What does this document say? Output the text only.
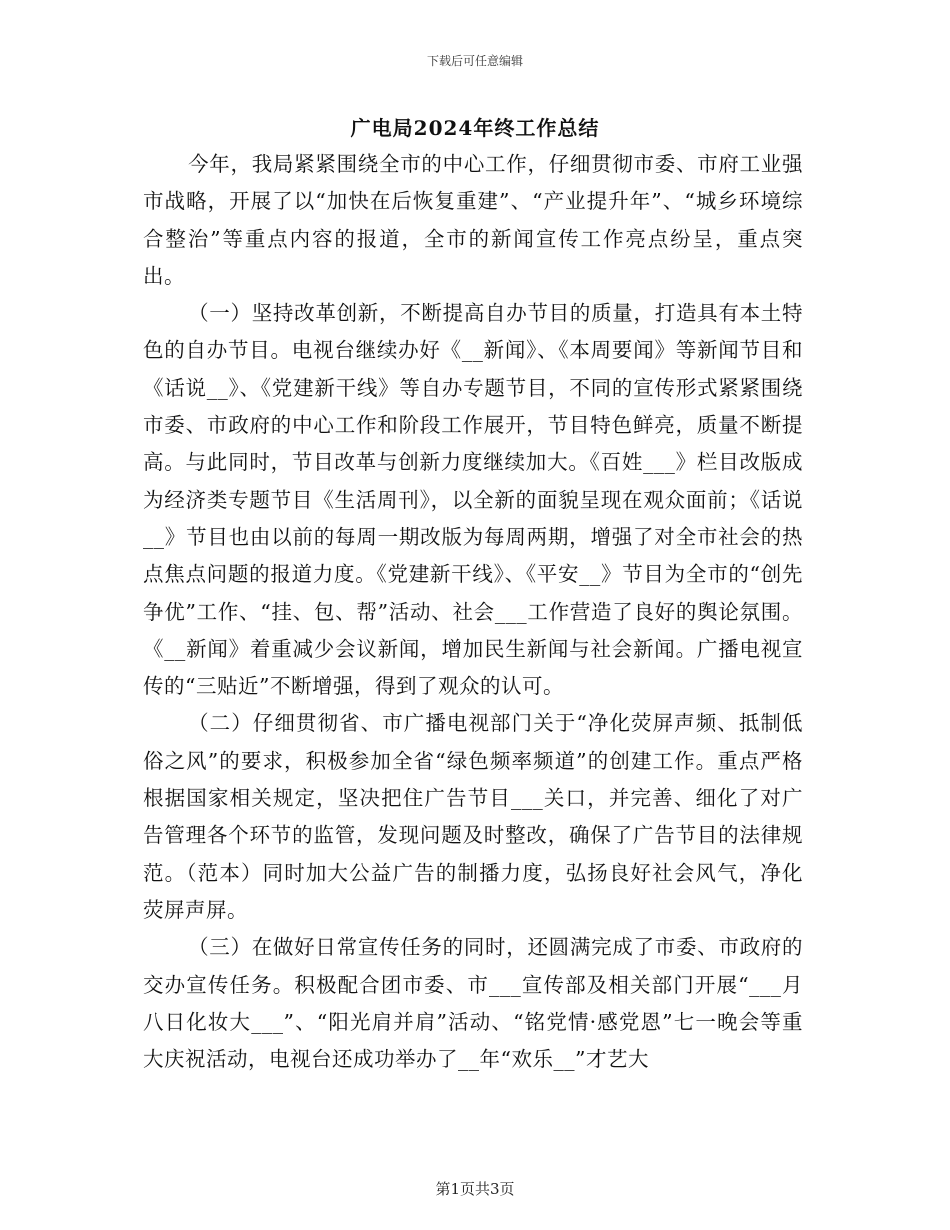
下载后可任意编辑
广电局2024年终工作总结

今年，我局紧紧围绕全市的中心工作，仔细贯彻市委、市府工业强市战略，开展了以“加快在后恢复重建”、“产业提升年”、“城乡环境综合整治”等重点内容的报道，全市的新闻宣传工作亮点纷呈，重点突出。

（一）坚持改革创新，不断提高自办节目的质量，打造具有本土特色的自办节目。电视台继续办好《__新闻》、《本周要闻》等新闻节目和《话说__》、《党建新干线》等自办专题节目，不同的宣传形式紧紧围绕市委、市政府的中心工作和阶段工作展开，节目特色鲜亮，质量不断提高。与此同时，节目改革与创新力度继续加大。《百姓___》栏目改版成为经济类专题节目《生活周刊》，以全新的面貌呈现在观众面前；《话说__》节目也由以前的每周一期改版为每周两期，增强了对全市社会的热点焦点问题的报道力度。《党建新干线》、《平安__》节目为全市的“创先争优”工作、“挂、包、帮”活动、社会___工作营造了良好的舆论氛围。《__新闻》着重减少会议新闻，增加民生新闻与社会新闻。广播电视宣传的“三贴近”不断增强，得到了观众的认可。

（二）仔细贯彻省、市广播电视部门关于“净化荧屏声频、抵制低俗之风”的要求，积极参加全省“绿色频率频道”的创建工作。重点严格根据国家相关规定，坚决把住广告节目___关口，并完善、细化了对广告管理各个环节的监管，发现问题及时整改，确保了广告节目的法律规范。（范本）同时加大公益广告的制播力度，弘扬良好社会风气，净化荧屏声屏。

（三）在做好日常宣传任务的同时，还圆满完成了市委、市政府的交办宣传任务。积极配合团市委、市___宣传部及相关部门开展“___月八日化妆大___”、“阳光肩并肩”活动、“铭党情·感党恩”七一晚会等重大庆祝活动，电视台还成功举办了__年“欢乐__”才艺大

第1页共3页
